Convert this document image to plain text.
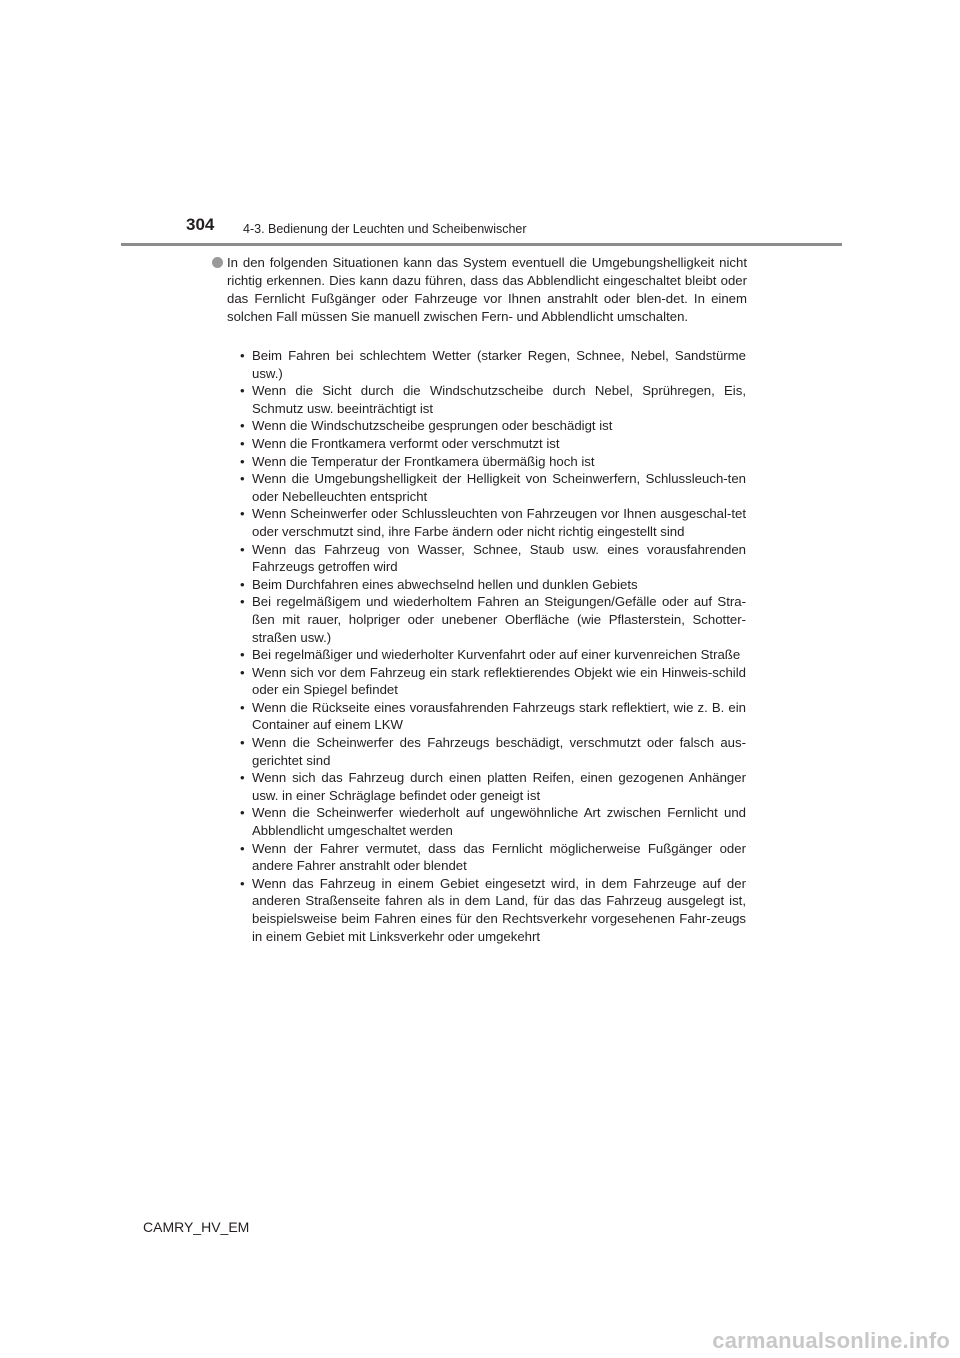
304 4-3. Bedienung der Leuchten und Scheibenwischer
In den folgenden Situationen kann das System eventuell die Umgebungshelligkeit nicht richtig erkennen. Dies kann dazu führen, dass das Abblendlicht eingeschaltet bleibt oder das Fernlicht Fußgänger oder Fahrzeuge vor Ihnen anstrahlt oder blen-det. In einem solchen Fall müssen Sie manuell zwischen Fern- und Abblendlicht umschalten.
• Beim Fahren bei schlechtem Wetter (starker Regen, Schnee, Nebel, Sandstürme usw.)
• Wenn die Sicht durch die Windschutzscheibe durch Nebel, Sprühregen, Eis, Schmutz usw. beeinträchtigt ist
• Wenn die Windschutzscheibe gesprungen oder beschädigt ist
• Wenn die Frontkamera verformt oder verschmutzt ist
• Wenn die Temperatur der Frontkamera übermäßig hoch ist
• Wenn die Umgebungshelligkeit der Helligkeit von Scheinwerfern, Schlussleuch-ten oder Nebelleuchten entspricht
• Wenn Scheinwerfer oder Schlussleuchten von Fahrzeugen vor Ihnen ausgeschal-tet oder verschmutzt sind, ihre Farbe ändern oder nicht richtig eingestellt sind
• Wenn das Fahrzeug von Wasser, Schnee, Staub usw. eines vorausfahrenden Fahrzeugs getroffen wird
• Beim Durchfahren eines abwechselnd hellen und dunklen Gebiets
• Bei regelmäßigem und wiederholtem Fahren an Steigungen/Gefälle oder auf Stra-ßen mit rauer, holpriger oder unebener Oberfläche (wie Pflasterstein, Schotter-straßen usw.)
• Bei regelmäßiger und wiederholter Kurvenfahrt oder auf einer kurvenreichen Straße
• Wenn sich vor dem Fahrzeug ein stark reflektierendes Objekt wie ein Hinweis-schild oder ein Spiegel befindet
• Wenn die Rückseite eines vorausfahrenden Fahrzeugs stark reflektiert, wie z. B. ein Container auf einem LKW
• Wenn die Scheinwerfer des Fahrzeugs beschädigt, verschmutzt oder falsch aus-gerichtet sind
• Wenn sich das Fahrzeug durch einen platten Reifen, einen gezogenen Anhänger usw. in einer Schräglage befindet oder geneigt ist
• Wenn die Scheinwerfer wiederholt auf ungewöhnliche Art zwischen Fernlicht und Abblendlicht umgeschaltet werden
• Wenn der Fahrer vermutet, dass das Fernlicht möglicherweise Fußgänger oder andere Fahrer anstrahlt oder blendet
• Wenn das Fahrzeug in einem Gebiet eingesetzt wird, in dem Fahrzeuge auf der anderen Straßenseite fahren als in dem Land, für das das Fahrzeug ausgelegt ist, beispielsweise beim Fahren eines für den Rechtsverkehr vorgesehenen Fahr-zeugs in einem Gebiet mit Linksverkehr oder umgekehrt
CAMRY_HV_EM
carmanualsonline.info
